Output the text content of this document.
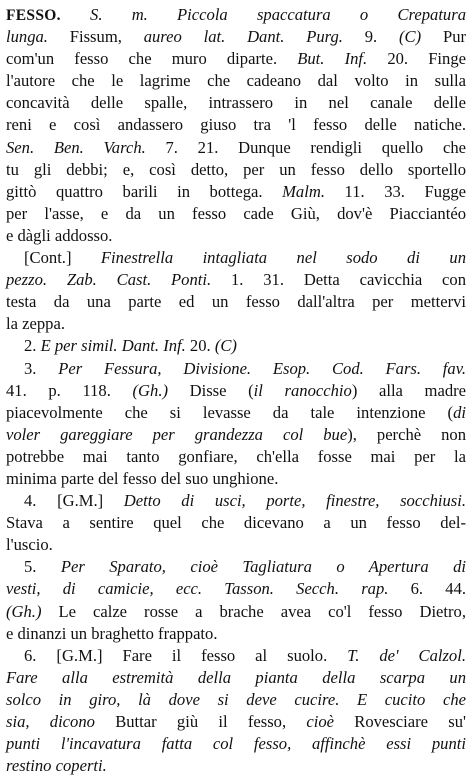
FESSO. S. m. Piccola spaccatura o Crepatura
lunga. Fissum, aureo lat. Dant. Purg. 9. (C) Pur
com'un fesso che muro diparte. But. Inf. 20. Finge
l'autore che le lagrime che cadeano dal volto in sulla
concavità delle spalle, intrassero in nel canale delle
reni e così andassero giuso tra 'l fesso delle natiche.
Sen. Ben. Varch. 7. 21. Dunque rendigli quello che
tu gli debbi; e, così detto, per un fesso dello sportello
gittò quattro barili in bottega. Malm. 11. 33. Fugge
per l'asse, e da un fesso cade Giù, dov'è Piacciantéo
e dàgli addosso.
[Cont.] Finestrella intagliata nel sodo di un
pezzo. Zab. Cast. Ponti. 1. 31. Detta cavicchia con
testa da una parte ed un fesso dall'altra per mettervi
la zeppa.
2. E per simil. Dant. Inf. 20. (C)
3. Per Fessura, Divisione. Esop. Cod. Fars. fav.
41. p. 118. (Gh.) Disse (il ranocchio) alla madre
piacevolmente che si levasse da tale intenzione (di
voler gareggiare per grandezza col bue), perchè non
potrebbe mai tanto gonfiare, ch'ella fosse mai per la
minima parte del fesso del suo unghione.
4. [G.M.] Detto di usci, porte, finestre, socchiusi.
Stava a sentire quel che dicevano a un fesso del-
l'uscio.
5. Per Sparato, cioè Tagliatura o Apertura di
vesti, di camicie, ecc. Tasson. Secch. rap. 6. 44.
(Gh.) Le calze rosse a brache avea co'l fesso Dietro,
e dinanzi un braghetto frappato.
6. [G.M.] Fare il fesso al suolo. T. de' Calzol.
Fare alla estremità della pianta della scarpa un
solco in giro, là dove si deve cucire. E cucito che
sia, dicono Buttar giù il fesso, cioè Rovesciare su'
punti l'incavatura fatta col fesso, affinchè essi punti
restino coperti.
